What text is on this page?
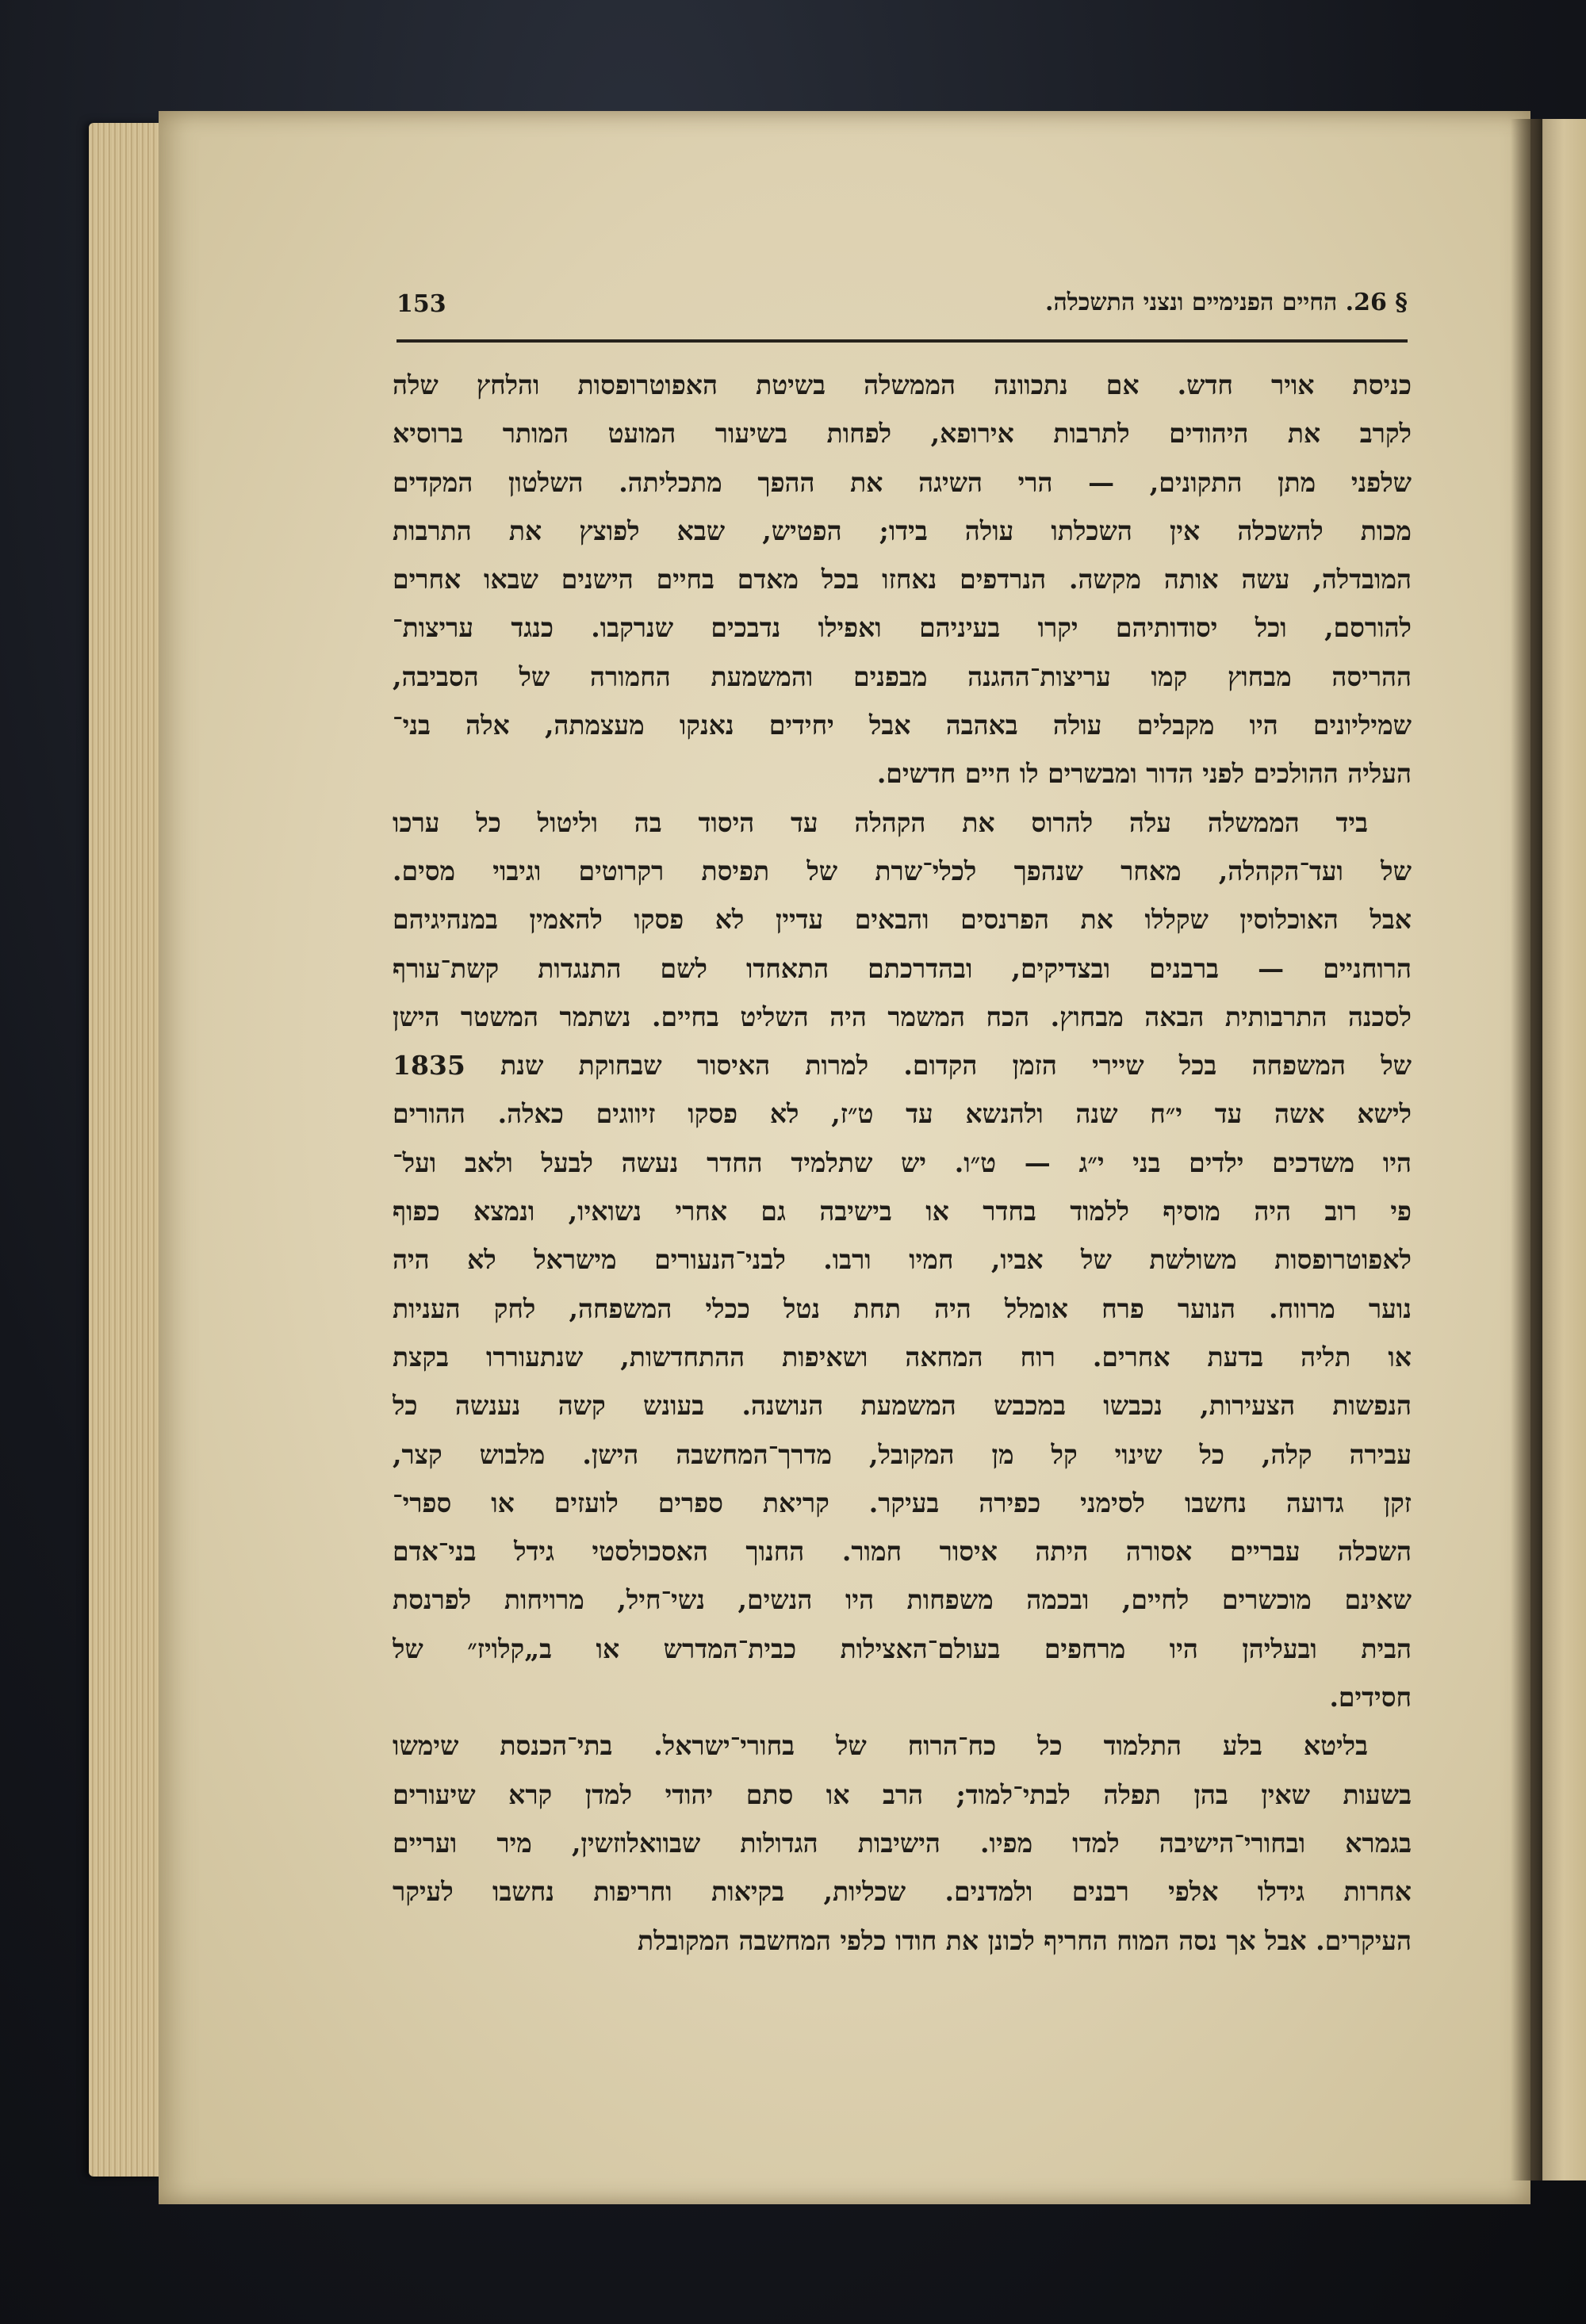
153	§ 26. החיים הפנימיים ונצני התשכלה.

כניסת אויר חדש. אם נתכוונה הממשלה בשיטת האפוטרופסות והלחץ שלה
לקרב את היהודים לתרבות אירופא, לפחות בשיעור המועט המותר ברוסיא
שלפני מתן התקונים, — הרי השיגה את ההפך מתכליתה. השלטון המקדים
מכות להשכלה אין השכלתו עולה בידו; הפטיש, שבא לפוצץ את התרבות
המובדלה, עשה אותה מקשה. הנרדפים נאחזו בכל מאדם בחיים הישנים שבאו אחרים
להורסם, וכל יסודותיהם יקרו בעיניהם ואפילו נדבכים שנרקבו. כנגד עריצות־
ההריסה מבחוץ קמו עריצות־ההגנה מבפנים והמשמעת החמורה של הסביבה,
שמיליונים היו מקבלים עולה באהבה אבל יחידים נאנקו מעצמתה, אלה בני־
העליה ההולכים לפני הדור ומבשרים לו חיים חדשים.

ביד הממשלה עלה להרוס את הקהלה עד היסוד בה וליטול כל ערכו
של ועד־הקהלה, מאחר שנהפך לכלי־שרת של תפיסת רקרוטים וגיבוי מסים.
אבל האוכלוסין שקללו את הפרנסים והבאים עדיין לא פסקו להאמין במנהיגיהם
הרוחניים — ברבנים ובצדיקים, ובהדרכתם התאחדו לשם התנגדות קשת־עורף
לסכנה התרבותית הבאה מבחוץ. הכח המשמר היה השליט בחיים. נשתמר המשטר הישן
של המשפחה בכל שיירי הזמן הקדום. למרות האיסור שבחוקת שנת 1835
לישא אשה עד י״ח שנה ולהנשא עד ט״ז, לא פסקו זיווגים כאלה. ההורים
היו משדכים ילדים בני י״ג — ט״ו. יש שתלמיד החדר נעשה לבעל ולאב ועל־
פי רוב היה מוסיף ללמוד בחדר או בישיבה גם אחרי נשואיו, ונמצא כפוף
לאפוטרופסות משולשת של אביו, חמיו ורבו. לבני־הנעורים מישראל לא היה
נוער מרווח. הנוער פרח אומלל היה תחת נטל ככלי המשפחה, לחק העניות
או תליה בדעת אחרים. רוח המחאה ושאיפות ההתחדשות, שנתעוררו בקצת
הנפשות הצעירות, נכבשו במכבש המשמעת הנושנה. בעונש קשה נענשה כל
עבירה קלה, כל שינוי קל מן המקובל, מדרך־המחשבה הישן. מלבוש קצר,
זקן גדועה נחשבו לסימני כפירה בעיקר. קריאת ספרים לועזים או ספרי־
השכלה עבריים אסורה היתה איסור חמור. החנוך האסכולסטי גידל בני־אדם
שאינם מוכשרים לחיים, ובכמה משפחות היו הנשים, נשי־חיל, מרויחות לפרנסת
הבית ובעליהן היו מרחפים בעולם־האצילות כבית־המדרש או ב„קלויז״ של
חסידים.

בליטא בלע התלמוד כל כח־הרוח של בחורי־ישראל. בתי־הכנסת שימשו
בשעות שאין בהן תפלה לבתי־למוד; הרב או סתם יהודי למדן קרא שיעורים
בגמרא ובחורי־הישיבה למדו מפיו. הישיבות הגדולות שבוואלוזשין, מיר ועריים
אחרות גידלו אלפי רבנים ולמדנים. שכליות, בקיאות וחריפות נחשבו לעיקר
העיקרים. אבל אך נסה המוח החריף לכונן את חודו כלפי המחשבה המקובלת
